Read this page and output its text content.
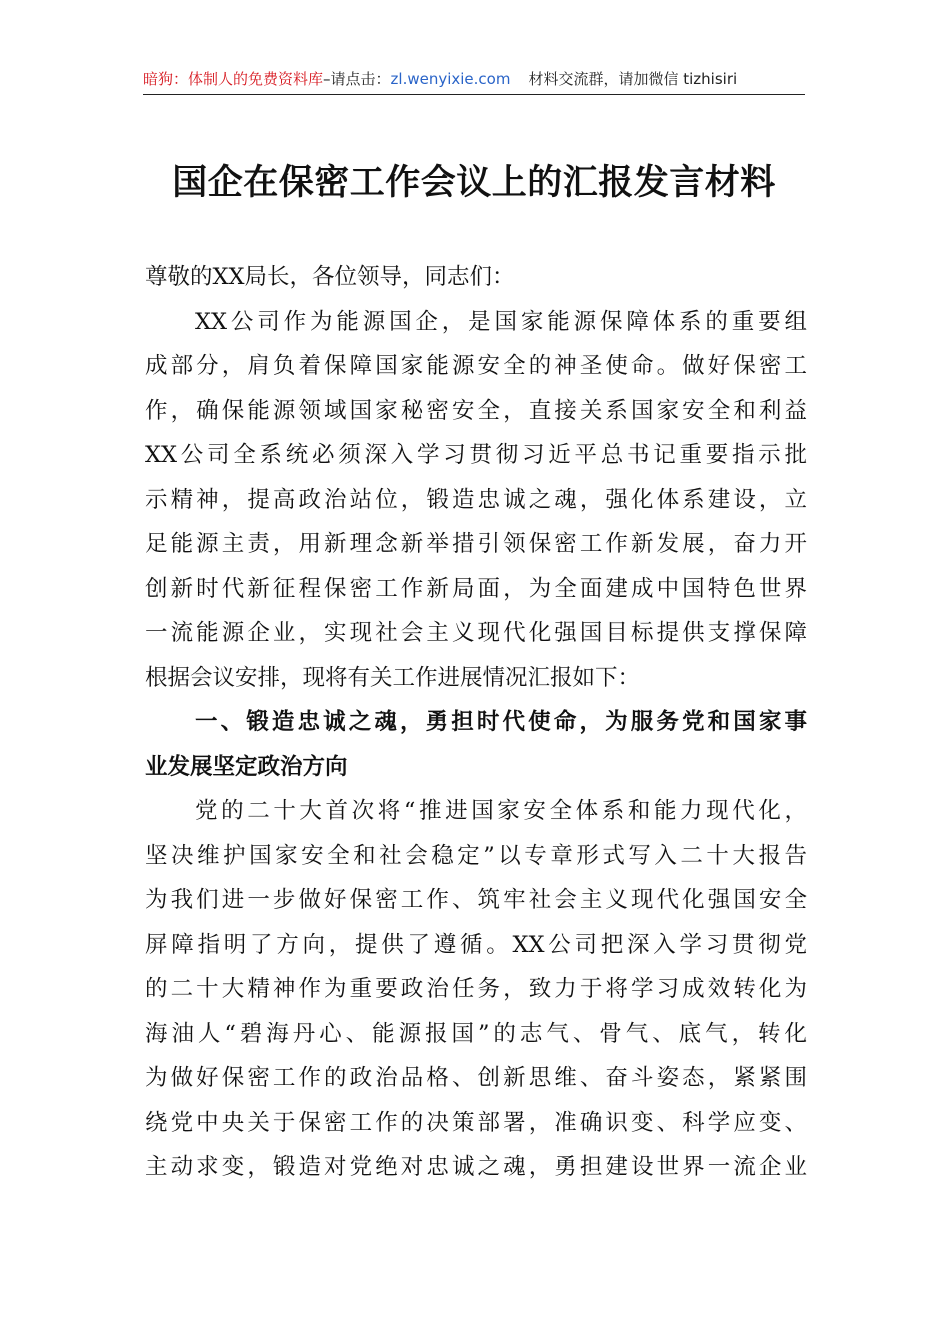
暗狗：体制人的免费资料库–请点击：zl.wenyixie.com 材料交流群，请加微信 tizhisiri
国企在保密工作会议上的汇报发言材料
尊敬的XX局长，各位领导，同志们：
XX公司作为能源国企，是国家能源保障体系的重要组
成部分，肩负着保障国家能源安全的神圣使命。做好保密工
作，确保能源领域国家秘密安全，直接关系国家安全和利益
XX公司全系统必须深入学习贯彻习近平总书记重要指示批
示精神，提高政治站位，锻造忠诚之魂，强化体系建设，立
足能源主责，用新理念新举措引领保密工作新发展，奋力开
创新时代新征程保密工作新局面，为全面建成中国特色世界
一流能源企业，实现社会主义现代化强国目标提供支撑保障
根据会议安排，现将有关工作进展情况汇报如下：
一、锻造忠诚之魂，勇担时代使命，为服务党和国家事
业发展坚定政治方向
党的二十大首次将“推进国家安全体系和能力现代化，
坚决维护国家安全和社会稳定”以专章形式写入二十大报告
为我们进一步做好保密工作、筑牢社会主义现代化强国安全
屏障指明了方向，提供了遵循。XX公司把深入学习贯彻党
的二十大精神作为重要政治任务，致力于将学习成效转化为
海油人“碧海丹心、能源报国”的志气、骨气、底气，转化
为做好保密工作的政治品格、创新思维、奋斗姿态，紧紧围
绕党中央关于保密工作的决策部署，准确识变、科学应变、
主动求变，锻造对党绝对忠诚之魂，勇担建设世界一流企业
